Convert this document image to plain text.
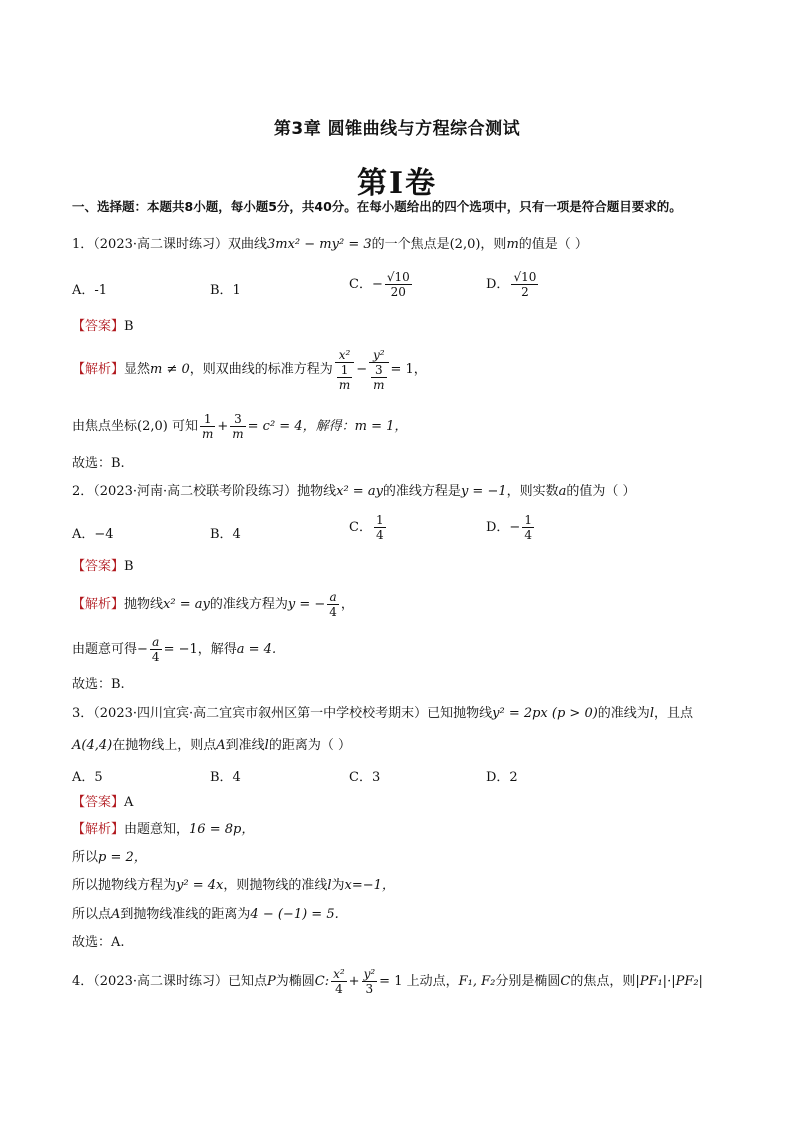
第3章 圆锥曲线与方程综合测试
第I卷
一、选择题：本题共8小题，每小题5分，共40分。在每小题给出的四个选项中，只有一项是符合题目要求的。
1．（2023·高二课时练习）双曲线3mx² − my² = 3的一个焦点是(2,0)，则m的值是（ ）
A．-1	B．1	C．− $\frac{√10}{20}$	D． $\frac{√10}{2}$
【答案】B
【解析】显然m ≠ 0，则双曲线的标准方程为 $\frac{\text{x²}}{\frac{1}{m}} - \frac{\text{y²}}{\frac{3}{m}} = 1$，
由焦点坐标(2,0) 可知 $\frac{1}{m} + \frac{3}{m} = c^2 = 4$，解得：m = 1，
故选：B.
2．（2023·河南·高二校联考阶段练习）抛物线x² = ay的准线方程是y = −1，则实数a的值为（ ）
A．−4	B．4	C． $\frac{1}{4}$	D．− $\frac{1}{4}$
【答案】B
【解析】抛物线x² = ay的准线方程为y = − $\frac{a}{4}$ ，
由题意可得− $\frac{a}{4} = -1$，解得a = 4.
故选：B.
3．（2023·四川宜宾·高二宜宾市叙州区第一中学校校考期末）已知抛物线y² = 2px (p > 0)的准线为l，且点
A(4,4)在抛物线上，则点A到准线l的距离为（ ）
A．5	B．4	C．3	D．2
【答案】A
【解析】由题意知，16 = 8p，
所以p = 2，
所以抛物线方程为y² = 4x，则抛物线的准线l为x=−1，
所以点A到抛物线准线的距离为4 − (−1) = 5.
故选：A.
4．（2023·高二课时练习）已知点P为椭圆C: $\frac{\text{x²}}{4} + \frac{\text{y²}}{3} = 1$ 上动点，F₁, F₂分别是椭圆C的焦点，则|PF₁|·|PF₂|
